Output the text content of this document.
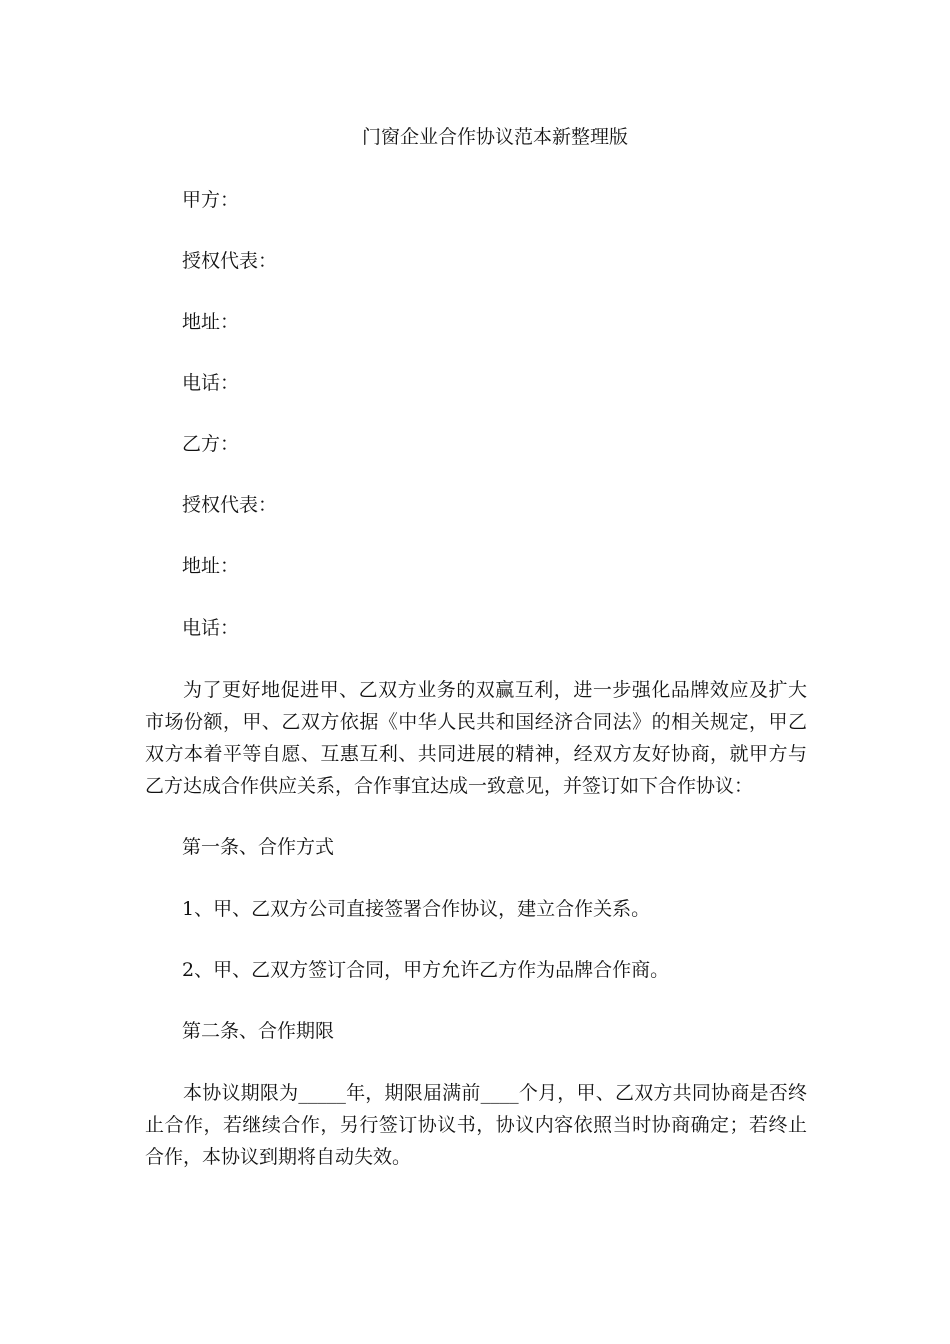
门窗企业合作协议范本新整理版
甲方：
授权代表：
地址：
电话：
乙方：
授权代表：
地址：
电话：
为了更好地促进甲、乙双方业务的双赢互利，进一步强化品牌效应及扩大市场份额，甲、乙双方依据《中华人民共和国经济合同法》的相关规定，甲乙双方本着平等自愿、互惠互利、共同进展的精神，经双方友好协商，就甲方与乙方达成合作供应关系，合作事宜达成一致意见，并签订如下合作协议：
第一条、合作方式
1、甲、乙双方公司直接签署合作协议，建立合作关系。
2、甲、乙双方签订合同，甲方允许乙方作为品牌合作商。
第二条、合作期限
本协议期限为_____年，期限届满前____个月，甲、乙双方共同协商是否终止合作，若继续合作，另行签订协议书，协议内容依照当时协商确定；若终止合作，本协议到期将自动失效。
